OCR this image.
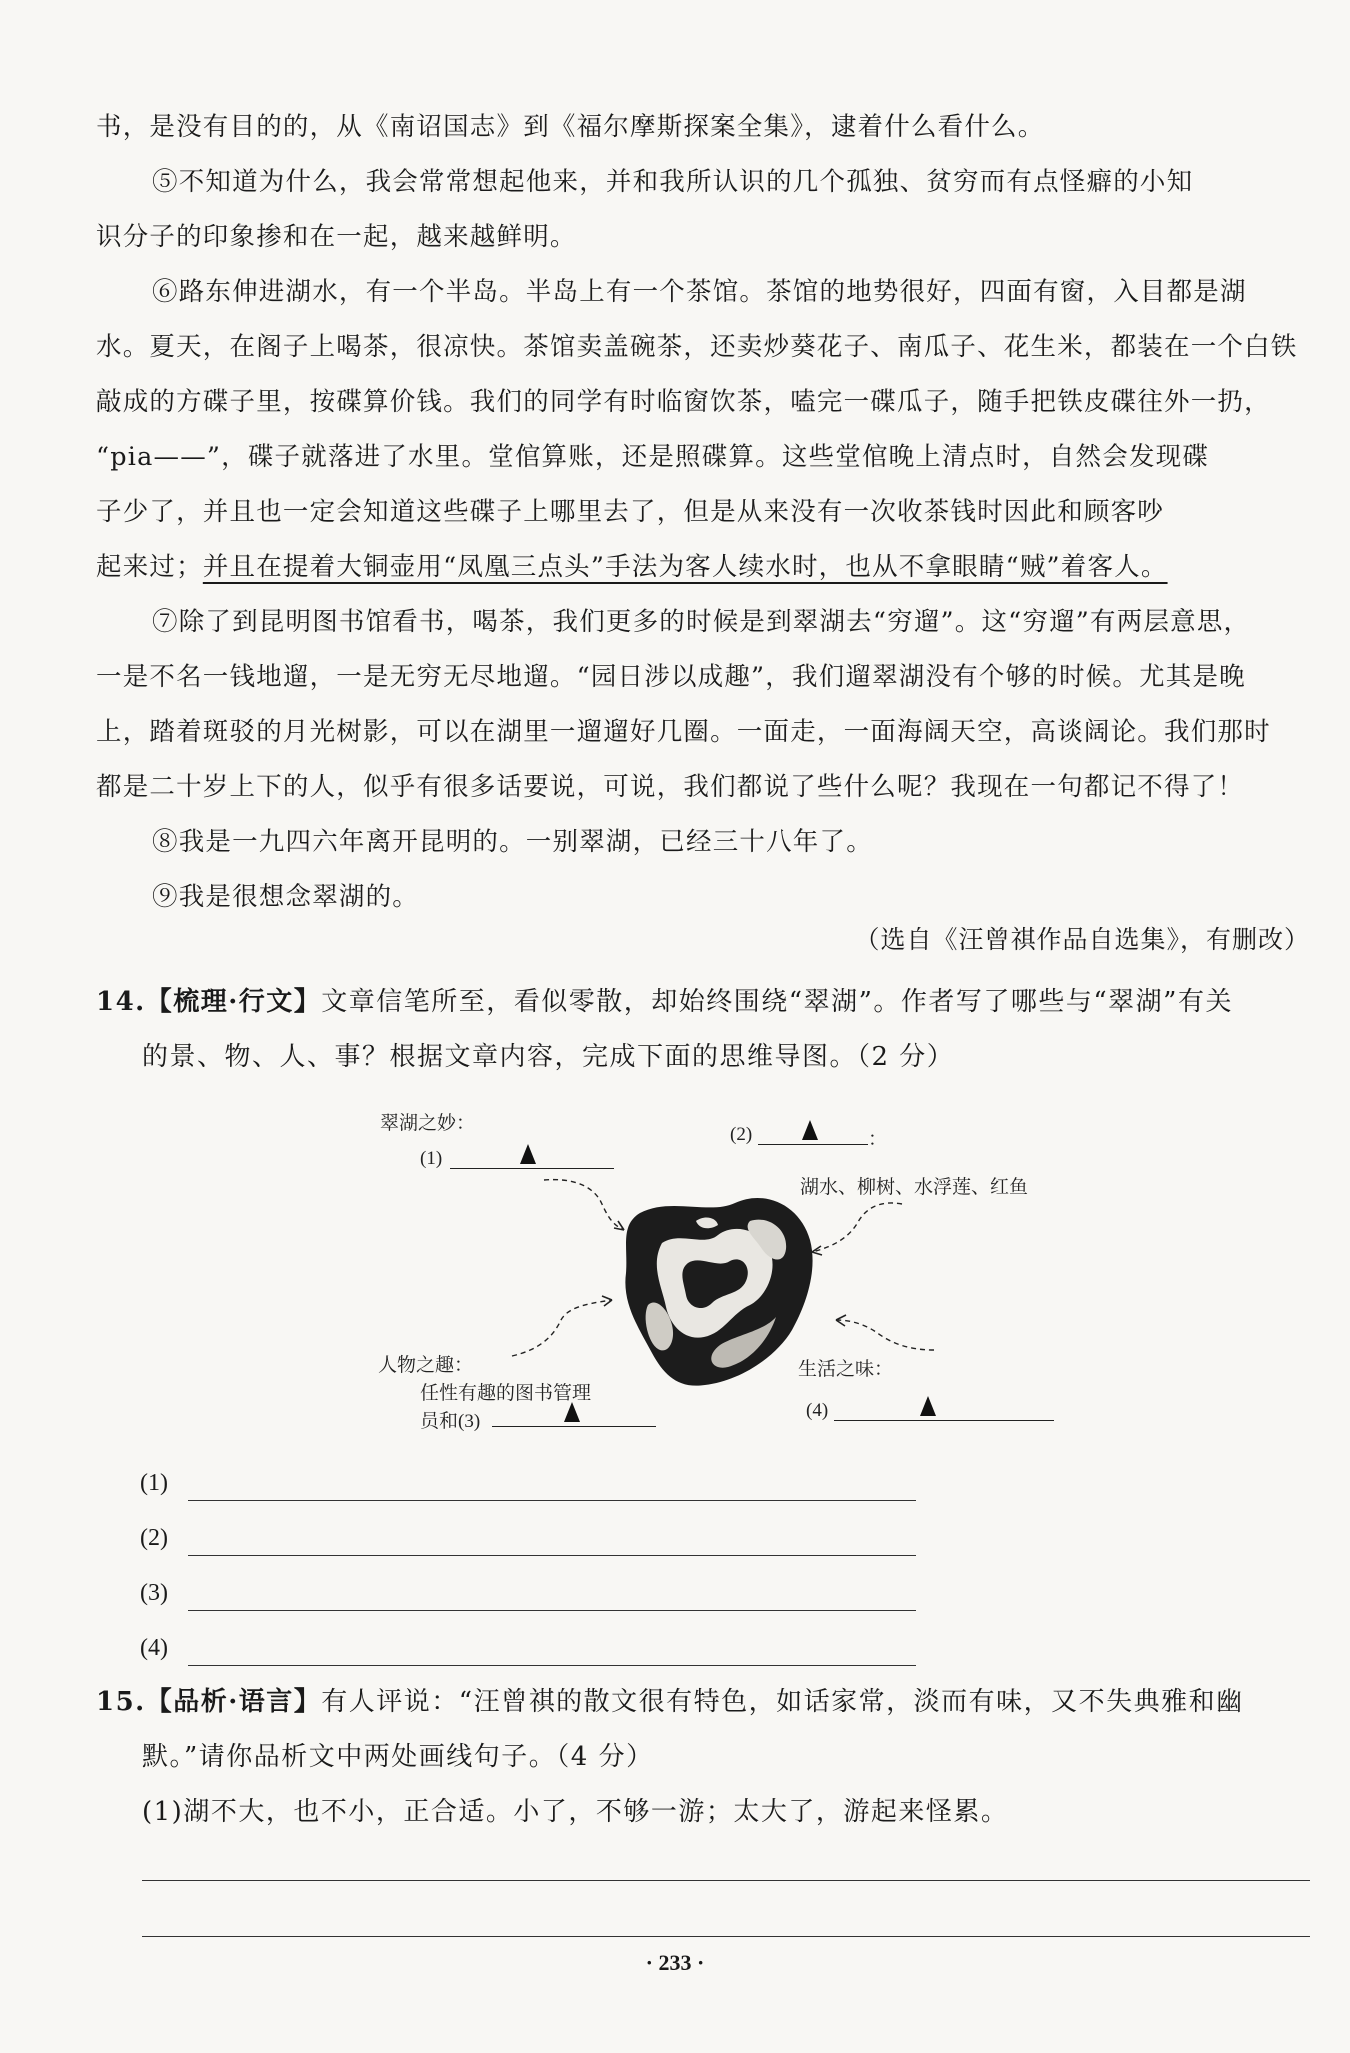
书，是没有目的的，从《南诏国志》到《福尔摩斯探案全集》，逮着什么看什么。
⑤不知道为什么，我会常常想起他来，并和我所认识的几个孤独、贫穷而有点怪癖的小知
识分子的印象掺和在一起，越来越鲜明。
⑥路东伸进湖水，有一个半岛。半岛上有一个茶馆。茶馆的地势很好，四面有窗，入目都是湖
水。夏天，在阁子上喝茶，很凉快。茶馆卖盖碗茶，还卖炒葵花子、南瓜子、花生米，都装在一个白铁
敲成的方碟子里，按碟算价钱。我们的同学有时临窗饮茶，嗑完一碟瓜子，随手把铁皮碟往外一扔，
“pia——”，碟子就落进了水里。堂倌算账，还是照碟算。这些堂倌晚上清点时，自然会发现碟
子少了，并且也一定会知道这些碟子上哪里去了，但是从来没有一次收茶钱时因此和顾客吵
起来过；并且在提着大铜壶用“凤凰三点头”手法为客人续水时，也从不拿眼睛“贼”着客人。
⑦除了到昆明图书馆看书，喝茶，我们更多的时候是到翠湖去“穷遛”。这“穷遛”有两层意思，
一是不名一钱地遛，一是无穷无尽地遛。“园日涉以成趣”，我们遛翠湖没有个够的时候。尤其是晚
上，踏着斑驳的月光树影，可以在湖里一遛遛好几圈。一面走，一面海阔天空，高谈阔论。我们那时
都是二十岁上下的人，似乎有很多话要说，可说，我们都说了些什么呢？我现在一句都记不得了！
⑧我是一九四六年离开昆明的。一别翠湖，已经三十八年了。
⑨我是很想念翠湖的。
（选自《汪曾祺作品自选集》，有删改）
14.【梳理·行文】文章信笔所至，看似零散，却始终围绕“翠湖”。作者写了哪些与“翠湖”有关
的景、物、人、事？根据文章内容，完成下面的思维导图。（2 分）
翠湖之妙：
(1)
(2)	：
湖水、柳树、水浮莲、红鱼
人物之趣：
任性有趣的图书管理
员和(3)
生活之味：
(4)
(1)
(2)
(3)
(4)
15.【品析·语言】有人评说：“汪曾祺的散文很有特色，如话家常，淡而有味，又不失典雅和幽
默。”请你品析文中两处画线句子。（4 分）
(1)湖不大，也不小，正合适。小了，不够一游；太大了，游起来怪累。
· 233 ·
